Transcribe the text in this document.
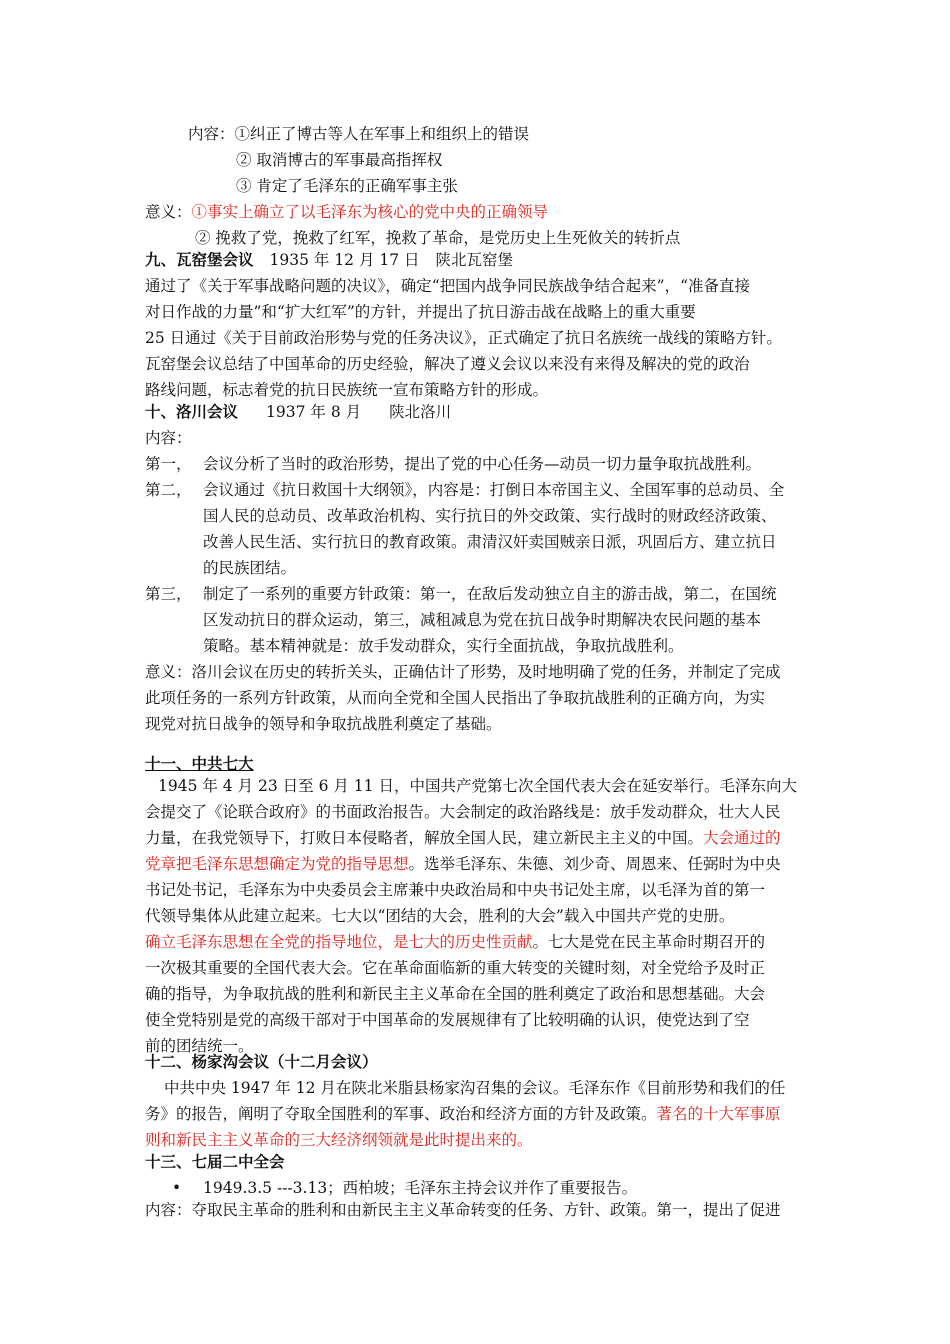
内容：①纠正了博古等人在军事上和组织上的错误
② 取消博古的军事最高指挥权
③ 肯定了毛泽东的正确军事主张
意义：①事实上确立了以毛泽东为核心的党中央的正确领导
② 挽救了党，挽救了红军，挽救了革命，是党历史上生死攸关的转折点
九、瓦窑堡会议 1935 年 12 月 17 日 陕北瓦窑堡
通过了《关于军事战略问题的决议》，确定“把国内战争同民族战争结合起来”，“准备直接
对日作战的力量”和“扩大红军”的方针，并提出了抗日游击战在战略上的重大重要
25 日通过《关于目前政治形势与党的任务决议》，正式确定了抗日名族统一战线的策略方针。
瓦窑堡会议总结了中国革命的历史经验，解决了遵义会议以来没有来得及解决的党的政治
路线问题，标志着党的抗日民族统一宣布策略方针的形成。
十、洛川会议 1937 年 8 月 陕北洛川
内容：
第一， 会议分析了当时的政治形势，提出了党的中心任务—动员一切力量争取抗战胜利。
第二， 会议通过《抗日救国十大纲领》，内容是：打倒日本帝国主义、全国军事的总动员、全
国人民的总动员、改革政治机构、实行抗日的外交政策、实行战时的财政经济政策、
改善人民生活、实行抗日的教育政策。肃清汉奸卖国贼亲日派，巩固后方、建立抗日
的民族团结。
第三， 制定了一系列的重要方针政策：第一，在敌后发动独立自主的游击战，第二，在国统
区发动抗日的群众运动，第三，减租减息为党在抗日战争时期解决农民问题的基本
策略。基本精神就是：放手发动群众，实行全面抗战，争取抗战胜利。
意义：洛川会议在历史的转折关头，正确估计了形势，及时地明确了党的任务，并制定了完成
此项任务的一系列方针政策，从而向全党和全国人民指出了争取抗战胜利的正确方向，为实
现党对抗日战争的领导和争取抗战胜利奠定了基础。
十一、中共七大
1945 年 4 月 23 日至 6 月 11 日，中国共产党第七次全国代表大会在延安举行。毛泽东向大
会提交了《论联合政府》的书面政治报告。大会制定的政治路线是：放手发动群众，壮大人民
力量，在我党领导下，打败日本侵略者，解放全国人民，建立新民主主义的中国。大会通过的
党章把毛泽东思想确定为党的指导思想。选举毛泽东、朱德、刘少奇、周恩来、任弼时为中央
书记处书记，毛泽东为中央委员会主席兼中央政治局和中央书记处主席，以毛泽为首的第一
代领导集体从此建立起来。七大以“团结的大会，胜利的大会”载入中国共产党的史册。
确立毛泽东思想在全党的指导地位，是七大的历史性贡献。七大是党在民主革命时期召开的
一次极其重要的全国代表大会。它在革命面临新的重大转变的关键时刻，对全党给予及时正
确的指导，为争取抗战的胜利和新民主主义革命在全国的胜利奠定了政治和思想基础。大会
使全党特别是党的高级干部对于中国革命的发展规律有了比较明确的认识，使党达到了空
前的团结统一。
十二、杨家沟会议（十二月会议）
中共中央 1947 年 12 月在陕北米脂县杨家沟召集的会议。毛泽东作《目前形势和我们的任
务》的报告，阐明了夺取全国胜利的军事、政治和经济方面的方针及政策。著名的十大军事原
则和新民主主义革命的三大经济纲领就是此时提出来的。
十三、七届二中全会
•	1949.3.5 ---3.13；西柏坡；毛泽东主持会议并作了重要报告。
内容：夺取民主革命的胜利和由新民主主义革命转变的任务、方针、政策。第一，提出了促进
